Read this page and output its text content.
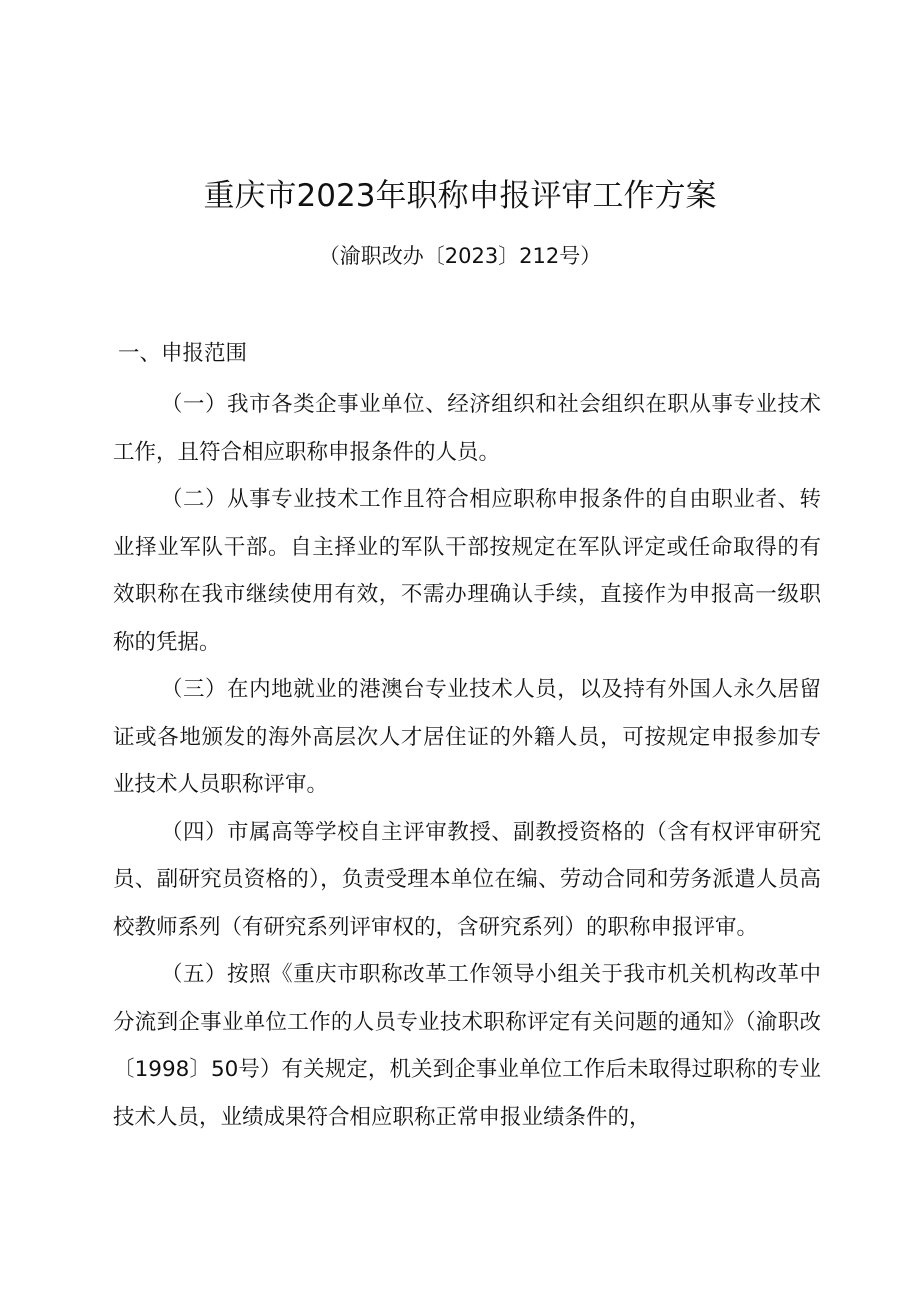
重庆市2023年职称申报评审工作方案

（渝职改办〔2023〕212号）

一、申报范围

（一）我市各类企事业单位、经济组织和社会组织在职从事专业技术工作，且符合相应职称申报条件的人员。

（二）从事专业技术工作且符合相应职称申报条件的自由职业者、转业择业军队干部。自主择业的军队干部按规定在军队评定或任命取得的有效职称在我市继续使用有效，不需办理确认手续，直接作为申报高一级职称的凭据。

（三）在内地就业的港澳台专业技术人员，以及持有外国人永久居留证或各地颁发的海外高层次人才居住证的外籍人员，可按规定申报参加专业技术人员职称评审。

（四）市属高等学校自主评审教授、副教授资格的（含有权评审研究员、副研究员资格的），负责受理本单位在编、劳动合同和劳务派遣人员高校教师系列（有研究系列评审权的，含研究系列）的职称申报评审。

（五）按照《重庆市职称改革工作领导小组关于我市机关机构改革中分流到企事业单位工作的人员专业技术职称评定有关问题的通知》（渝职改〔1998〕50号）有关规定，机关到企事业单位工作后未取得过职称的专业技术人员，业绩成果符合相应职称正常申报业绩条件的，
